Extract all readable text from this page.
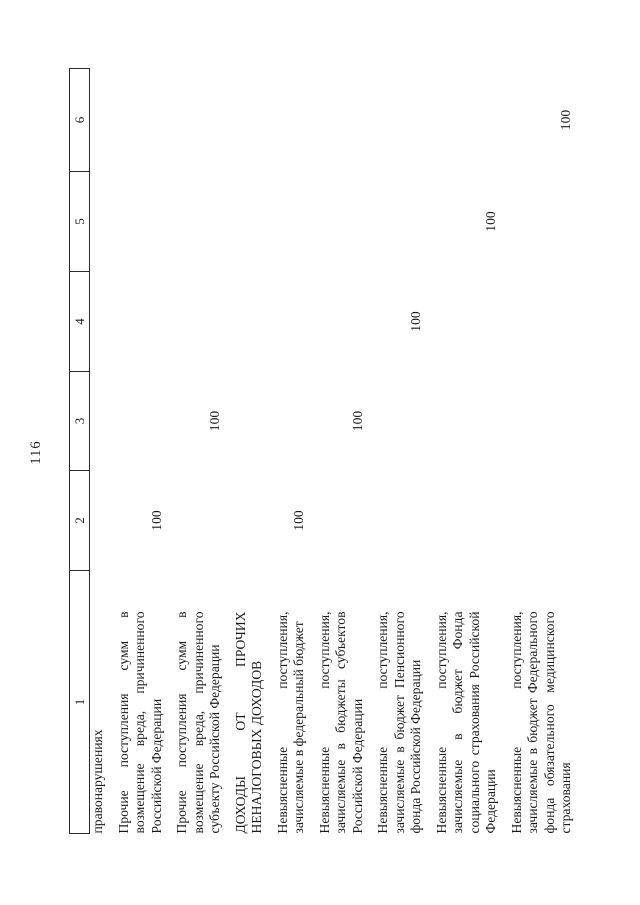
116
1	2	3	4	5	6
правонарушениях					
Прочие поступления сумм в возмещение вреда, причиненного Российской Федерации	100				
Прочие поступления сумм в возмещение вреда, причиненного субъекту Российской Федерации		100			
ДОХОДЫ ОТ ПРОЧИХ НЕНАЛОГОВЫХ ДОХОДОВ					
Невыясненные поступления, зачисляемые в федеральный бюджет	100				
Невыясненные поступления, зачисляемые в бюджеты субъектов Российской Федерации		100			
Невыясненные поступления, зачисляемые в бюджет Пенсионного фонда Российской Федерации			100		
Невыясненные поступления, зачисляемые в бюджет Фонда социального страхования Российской Федерации				100	
Невыясненные поступления, зачисляемые в бюджет Федерального фонда обязательного медицинского страхования					100
